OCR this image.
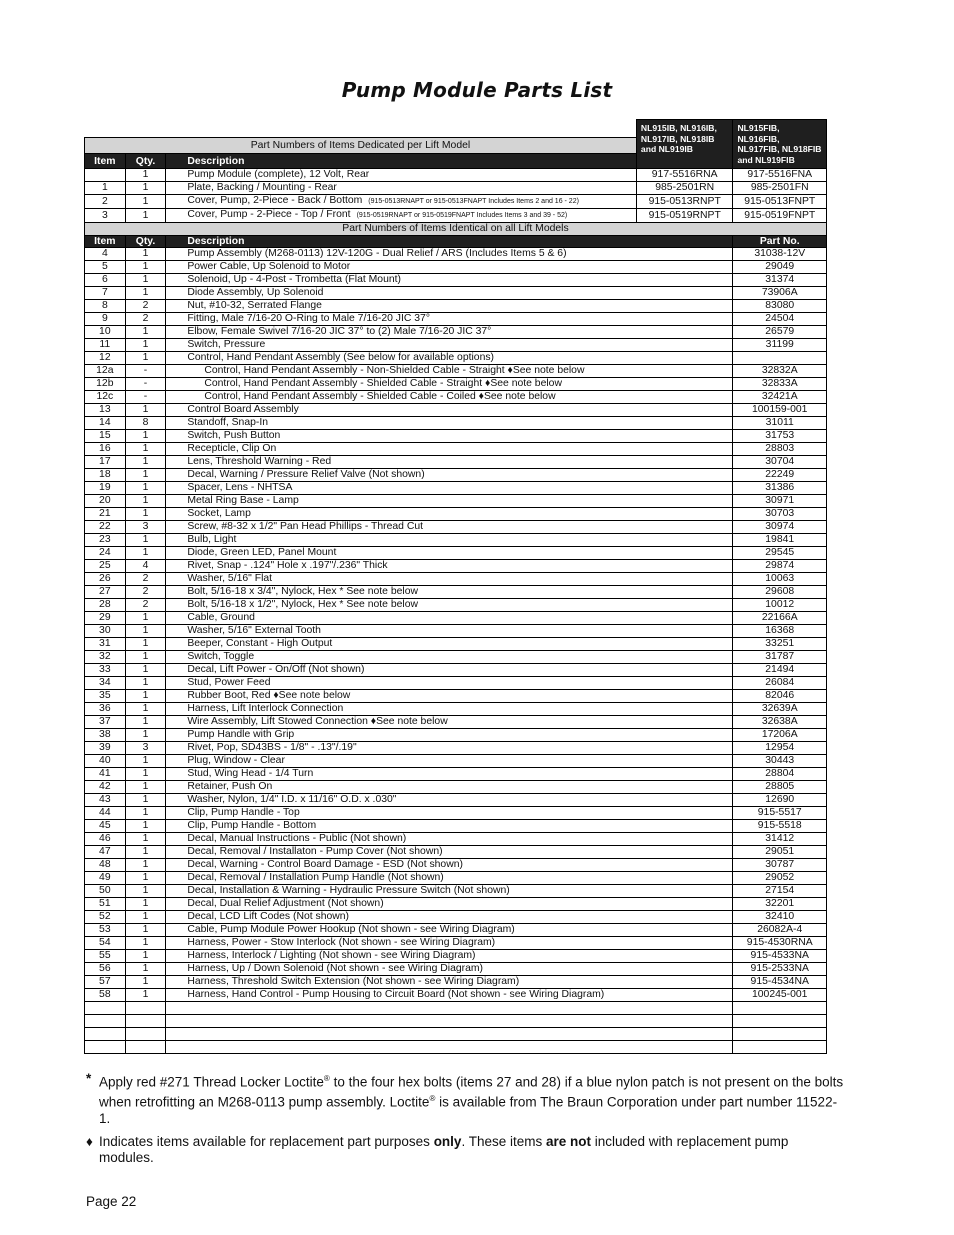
Pump Module Parts List
			NL915IB, NL916IB, NL917IB, NL918IB and NL919IB	NL915FIB, NL916FIB, NL917FIB, NL918FIB and NL919FIB
Part Numbers of Items Dedicated per Lift Model				
Item	Qty.	Description		
	1	Pump Module (complete), 12 Volt, Rear	917-5516RNA	917-5516FNA
1	1	Plate, Backing / Mounting - Rear	985-2501RN	985-2501FN
2	1	Cover, Pump, 2-Piece - Back / Bottom (915-0513RNAPT or 915-0513FNAPT Includes Items 2 and 16 - 22)	915-0513RNPT	915-0513FNPT
3	1	Cover, Pump - 2-Piece - Top / Front (915-0519RNAPT or 915-0519FNAPT Includes Items 3 and 39 - 52)	915-0519RNPT	915-0519FNPT
Part Numbers of Items Identical on all Lift Models				
Item	Qty.	Description		Part No.
4	1	Pump Assembly (M268-0113) 12V-120G - Dual Relief / ARS (Includes Items 5 & 6)		31038-12V
5	1	Power Cable, Up Solenoid to Motor		29049
6	1	Solenoid, Up - 4-Post - Trombetta (Flat Mount)		31374
7	1	Diode Assembly, Up Solenoid		73906A
8	2	Nut, #10-32, Serrated Flange		83080
9	2	Fitting, Male 7/16-20 O-Ring to Male 7/16-20 JIC 37°		24504
10	1	Elbow, Female Swivel 7/16-20 JIC 37° to (2) Male 7/16-20 JIC 37°		26579
11	1	Switch, Pressure		31199
12	1	Control, Hand Pendant Assembly (See below for available options)		
12a	-	Control, Hand Pendant Assembly - Non-Shielded Cable - Straight ♦See note below		32832A
12b	-	Control, Hand Pendant Assembly - Shielded Cable - Straight ♦See note below		32833A
12c	-	Control, Hand Pendant Assembly - Shielded Cable - Coiled ♦See note below		32421A
13	1	Control Board Assembly		100159-001
14	8	Standoff, Snap-In		31011
15	1	Switch, Push Button		31753
16	1	Recepticle, Clip On		28803
17	1	Lens, Threshold Warning - Red		30704
18	1	Decal, Warning / Pressure Relief Valve (Not shown)		22249
19	1	Spacer, Lens - NHTSA		31386
20	1	Metal Ring Base - Lamp		30971
21	1	Socket, Lamp		30703
22	3	Screw, #8-32 x 1/2" Pan Head Phillips - Thread Cut		30974
23	1	Bulb, Light		19841
24	1	Diode, Green LED, Panel Mount		29545
25	4	Rivet, Snap - .124" Hole x .197"/.236" Thick		29874
26	2	Washer, 5/16" Flat		10063
27	2	Bolt, 5/16-18 x 3/4", Nylock, Hex * See note below		29608
28	2	Bolt, 5/16-18 x 1/2", Nylock, Hex * See note below		10012
29	1	Cable, Ground		22166A
30	1	Washer, 5/16" External Tooth		16368
31	1	Beeper, Constant - High Output		33251
32	1	Switch, Toggle		31787
33	1	Decal, Lift Power - On/Off (Not shown)		21494
34	1	Stud, Power Feed		26084
35	1	Rubber Boot, Red ♦See note below		82046
36	1	Harness, Lift Interlock Connection		32639A
37	1	Wire Assembly, Lift Stowed Connection ♦See note below		32638A
38	1	Pump Handle with Grip		17206A
39	3	Rivet, Pop, SD43BS - 1/8" - .13"/.19"		12954
40	1	Plug, Window - Clear		30443
41	1	Stud, Wing Head - 1/4 Turn		28804
42	1	Retainer, Push On		28805
43	1	Washer, Nylon, 1/4" I.D. x 11/16" O.D. x .030"		12690
44	1	Clip, Pump Handle - Top		915-5517
45	1	Clip, Pump Handle - Bottom		915-5518
46	1	Decal, Manual Instructions - Public (Not shown)		31412
47	1	Decal, Removal / Installaton - Pump Cover (Not shown)		29051
48	1	Decal, Warning - Control Board Damage - ESD (Not shown)		30787
49	1	Decal, Removal / Installation Pump Handle (Not shown)		29052
50	1	Decal, Installation & Warning - Hydraulic Pressure Switch (Not shown)		27154
51	1	Decal, Dual Relief Adjustment (Not shown)		32201
52	1	Decal, LCD Lift Codes (Not shown)		32410
53	1	Cable, Pump Module Power Hookup (Not shown - see Wiring Diagram)		26082A-4
54	1	Harness, Power - Stow Interlock (Not shown - see Wiring Diagram)		915-4530RNA
55	1	Harness, Interlock / Lighting (Not shown - see Wiring Diagram)		915-4533NA
56	1	Harness, Up / Down Solenoid (Not shown - see Wiring Diagram)		915-2533NA
57	1	Harness, Threshold Switch Extension (Not shown - see Wiring Diagram)		915-4534NA
58	1	Harness, Hand Control - Pump Housing to Circuit Board (Not shown - see Wiring Diagram)		100245-001

* Apply red #271 Thread Locker Loctite® to the four hex bolts (items 27 and 28) if a blue nylon patch is not present on the bolts when retrofitting an M268-0113 pump assembly. Loctite® is available from The Braun Corporation under part number 11522-1.
♦ Indicates items available for replacement part purposes only. These items are not included with replacement pump modules.
Page 22
